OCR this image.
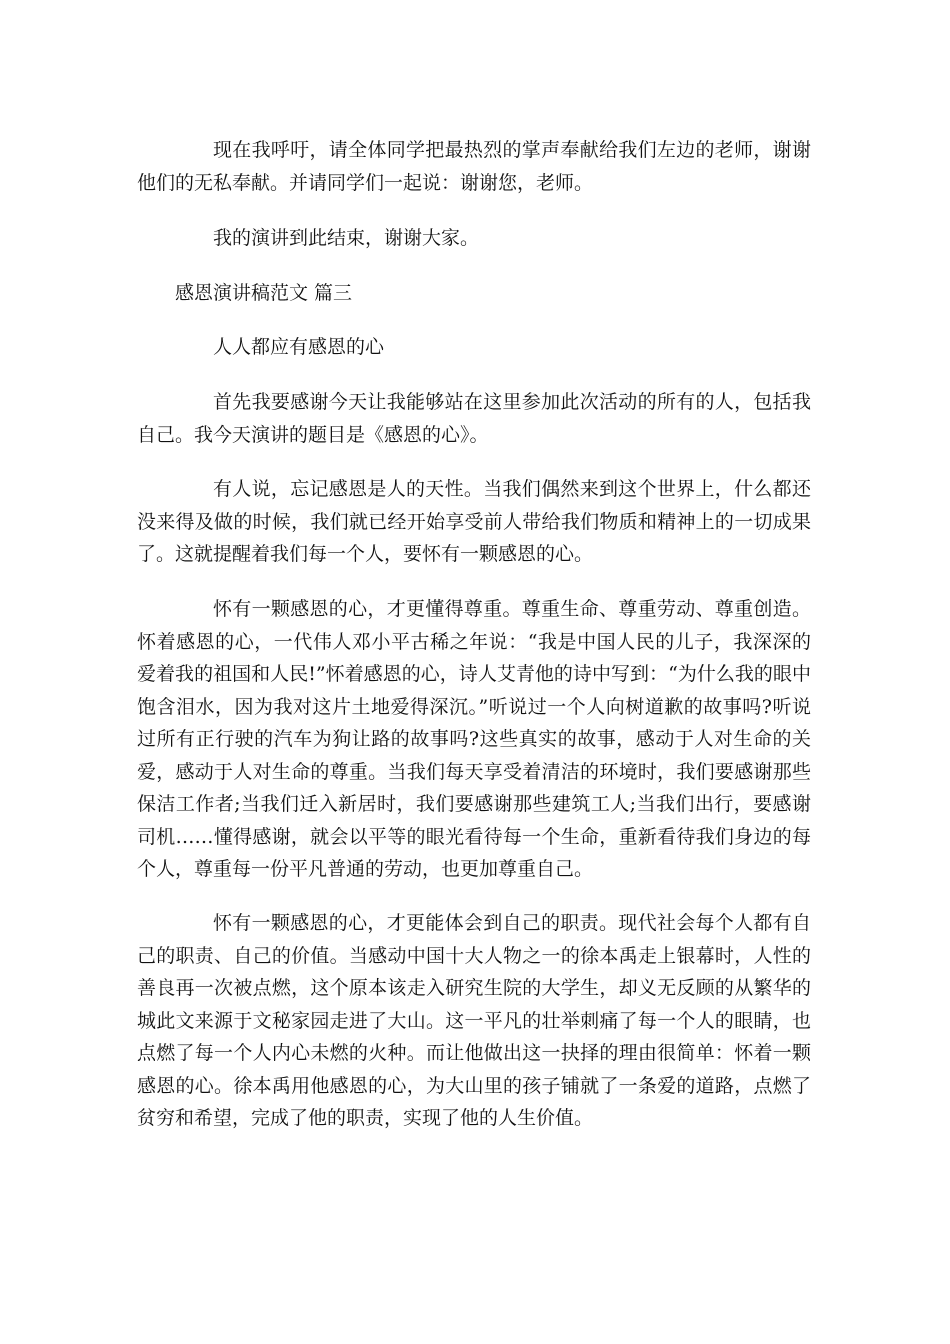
现在我呼吁，请全体同学把最热烈的掌声奉献给我们左边的老师，谢谢他们的无私奉献。并请同学们一起说：谢谢您，老师。

我的演讲到此结束，谢谢大家。

感恩演讲稿范文 篇三

人人都应有感恩的心

首先我要感谢今天让我能够站在这里参加此次活动的所有的人，包括我自己。我今天演讲的题目是《感恩的心》。

有人说，忘记感恩是人的天性。当我们偶然来到这个世界上，什么都还没来得及做的时候，我们就已经开始享受前人带给我们物质和精神上的一切成果了。这就提醒着我们每一个人，要怀有一颗感恩的心。

怀有一颗感恩的心，才更懂得尊重。尊重生命、尊重劳动、尊重创造。怀着感恩的心，一代伟人邓小平古稀之年说：“我是中国人民的儿子，我深深的爱着我的祖国和人民!”怀着感恩的心，诗人艾青他的诗中写到：“为什么我的眼中饱含泪水，因为我对这片土地爱得深沉。”听说过一个人向树道歉的故事吗?听说过所有正行驶的汽车为狗让路的故事吗?这些真实的故事，感动于人对生命的关爱，感动于人对生命的尊重。当我们每天享受着清洁的环境时，我们要感谢那些保洁工作者;当我们迁入新居时，我们要感谢那些建筑工人;当我们出行，要感谢司机……懂得感谢，就会以平等的眼光看待每一个生命，重新看待我们身边的每个人，尊重每一份平凡普通的劳动，也更加尊重自己。

怀有一颗感恩的心，才更能体会到自己的职责。现代社会每个人都有自己的职责、自己的价值。当感动中国十大人物之一的徐本禹走上银幕时，人性的善良再一次被点燃，这个原本该走入研究生院的大学生，却义无反顾的从繁华的城此文来源于文秘家园走进了大山。这一平凡的壮举刺痛了每一个人的眼睛，也点燃了每一个人内心未燃的火种。而让他做出这一抉择的理由很简单：怀着一颗感恩的心。徐本禹用他感恩的心，为大山里的孩子铺就了一条爱的道路，点燃了贫穷和希望，完成了他的职责，实现了他的人生价值。
